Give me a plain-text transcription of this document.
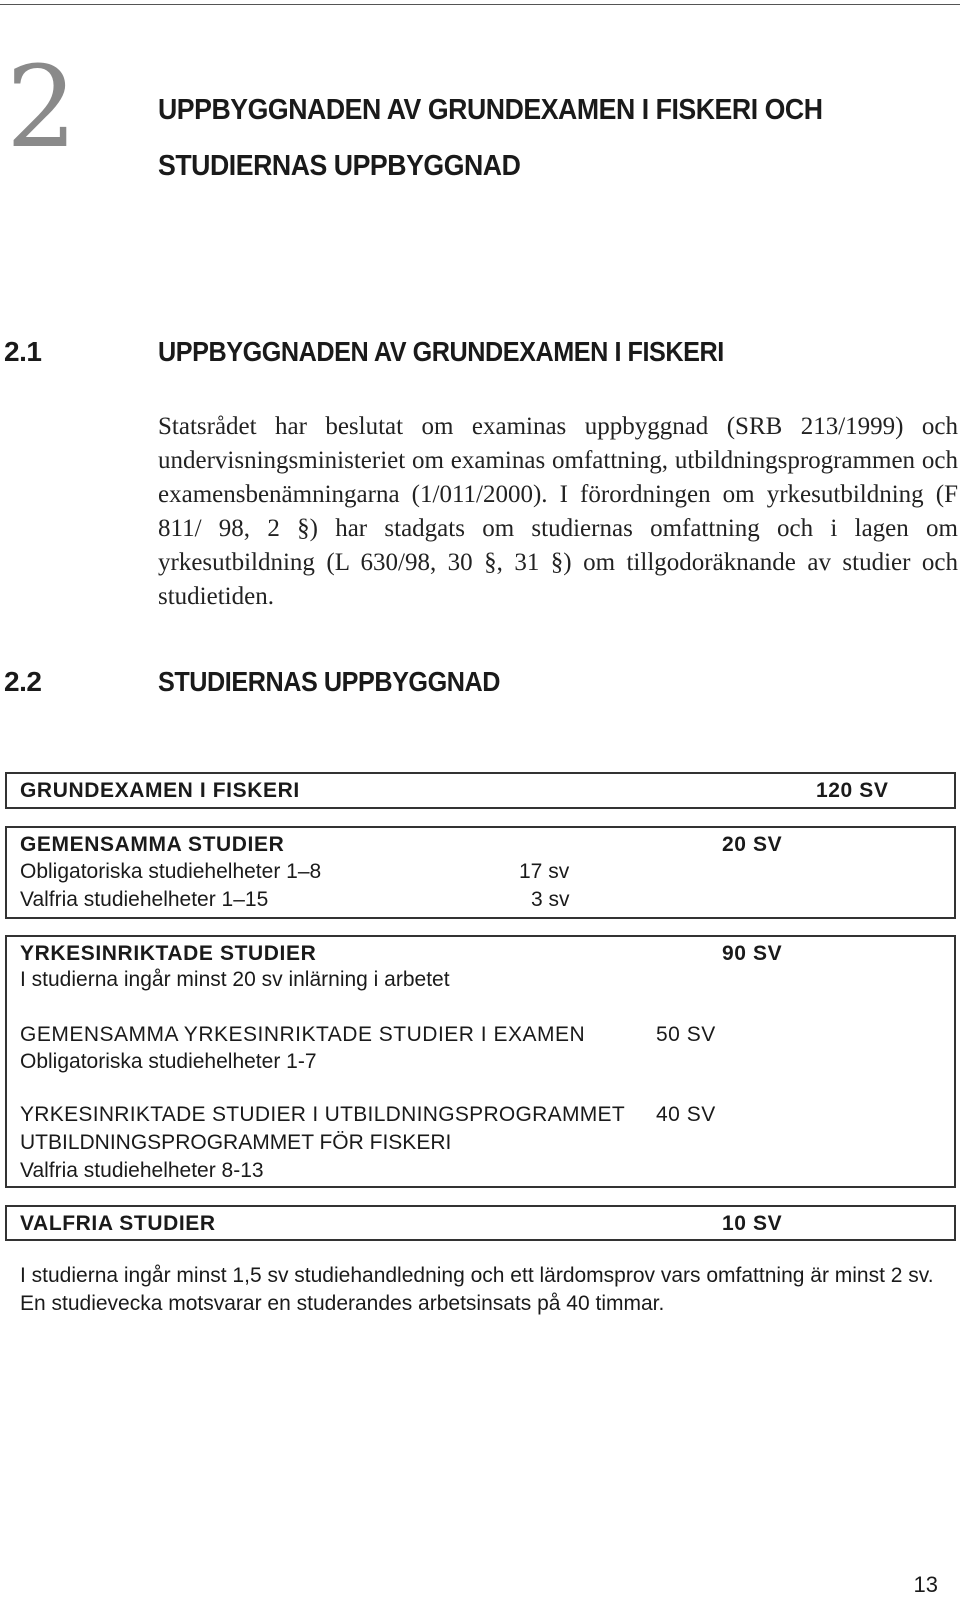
2	UPPBYGGNADEN AV GRUNDEXAMEN I FISKERI OCH
STUDIERNAS UPPBYGGNAD
2.1	UPPBYGGNADEN AV GRUNDEXAMEN I FISKERI
Statsrådet har beslutat om examinas uppbyggnad (SRB 213/1999) och undervisningsministeriet om examinas omfattning, utbildningsprogrammen och examensbenämningarna (1/011/2000). I förordningen om yrkesutbildning (F 811/ 98, 2 §) har stadgats om studiernas omfattning och i lagen om yrkesutbildning (L 630/98, 30 §, 31 §) om tillgodoräknande av studier och studietiden.
2.2	STUDIERNAS UPPBYGGNAD
GRUNDEXAMEN I FISKERI	120 SV
GEMENSAMMA STUDIER	20 SV
Obligatoriska studiehelheter 1–8	17 sv
Valfria studiehelheter 1–15	3 sv
YRKESINRIKTADE STUDIER	90 SV
I studierna ingår minst 20 sv inlärning i arbetet
GEMENSAMMA YRKESINRIKTADE STUDIER I EXAMEN	50 SV
Obligatoriska studiehelheter 1-7
YRKESINRIKTADE STUDIER I UTBILDNINGSPROGRAMMET 40 SV
UTBILDNINGSPROGRAMMET FÖR FISKERI
Valfria studiehelheter 8-13
VALFRIA STUDIER	10 SV
I studierna ingår minst 1,5 sv studiehandledning och ett lärdomsprov vars omfattning är minst 2 sv. En studievecka motsvarar en studerandes arbetsinsats på 40 timmar.
13
